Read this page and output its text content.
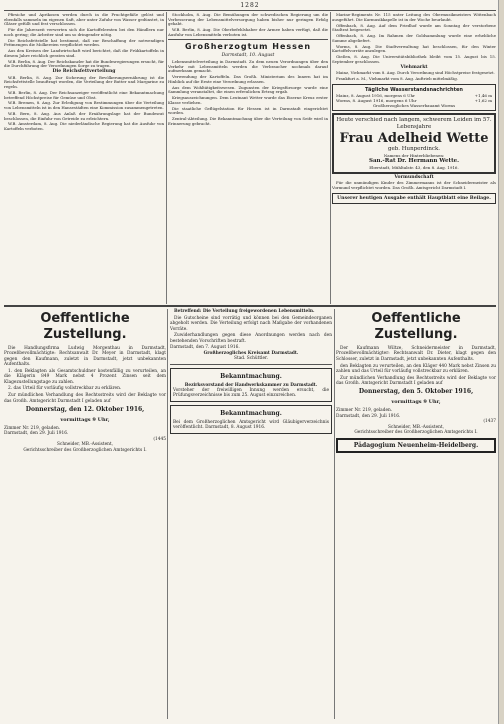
1282

Pfirsiche und Aprikosen werden durch in die Fruchtgefäße gelöst und ebenfalls sammeln im eigenen Saft, aber unter Zufuhr von Wasser gedünstet, in Gläser gefüllt und fest verschlossen.

Für die Jahreszeit verwerten sich die Kartoffelernten bei den Händlern nur noch gering; die Arbeiter sind um so dringender nötig.

Die Reichsfettstelle hat bestimmt, daß zur Beschaffung der notwendigen Fettmengen die Molkereien verpflichtet werden.

Aus den Kreisen der Landwirtschaft wird berichtet, daß die Frühkartoffeln in diesem Jahre reichlich geraten sind.

W.B. Berlin, 8. Aug. Der Reichskanzler hat die Bundesregierungen ersucht, für die Durchführung der Verordnungen Sorge zu tragen.

Die Reichsfettverteilung

W.B. Berlin, 8. Aug. Zur Sicherung der Bevölkerungsernährung ist die Reichsfettstelle beauftragt worden, die Verteilung der Butter und Margarine zu regeln.

W.B. Berlin, 8. Aug. Der Reichsanzeiger veröffentlicht eine Bekanntmachung betreffend Höchstpreise für Gemüse und Obst.

W.B. Bremen, 8. Aug. Zur Erledigung von Bestimmungen über die Verteilung von Lebensmitteln ist in den Hansestädten eine Kommission zusammengetreten.

W.B. Bern, 8. Aug. Aus Anlaß der Ernährungslage hat der Bundesrat beschlossen, die Einfuhr von Getreide zu erleichtern.

W.B. Amsterdam, 8. Aug. Die niederländische Regierung hat die Ausfuhr von Kartoffeln verboten.

Stockholm, 8. Aug. Die Bemühungen der schwedischen Regierung um die Verbesserung der Lebensmittelversorgung haben bisher nur geringen Erfolg gehabt.

W.B. Berlin, 8. Aug. Die Oberbefehlshaber der Armee haben verfügt, daß die Ausfuhr von Lebensmitteln verboten ist.

Großherzogtum Hessen
Darmstadt, 10. August

Lebensmittelverteilung in Darmstadt. Zu dem neuen Verordnungen über den Verkehr mit Lebensmitteln werden die Verbraucher nochmals darauf aufmerksam gemacht.

Verwendung der Kartoffeln. Das Großh. Ministerium des Innern hat im Hinblick auf die Ernte eine Verordnung erlassen.

Aus dem Wohltätigkeitswesen. Zugunsten der Kriegsfürsorge wurde eine Sammlung veranstaltet, die einen erfreulichen Ertrag ergab.

Kriegsauszeichnungen. Dem Leutnant Wetter wurde das Eiserne Kreuz erster Klasse verliehen.

Die staatliche Geflügelstation für Hessen ist in Darmstadt eingerichtet worden.

Zentral-Abteilung. Die Bekanntmachung über die Verteilung von Seife wird in Erinnerung gebracht.

Marine-Regiments Nr. 115 unter Leitung des Obermusikmeisters Wittenbach ausgeführt. Die Kurmusikkapelle ist in der Woche beurlaubt.

Offenbach, 8. Aug. Auf dem Friedhof wurde am Sonntag der verstorbene Stadtrat beigesetzt.

Offenbach, 8. Aug. Im Rahmen der Goldsammlung wurde eine erhebliche Summe abgeliefert.

Worms, 8. Aug. Die Stadtverwaltung hat beschlossen, für den Winter Kartoffelvorräte anzulegen.

Gießen, 8. Aug. Die Universitätsbibliothek bleibt vom 15. August bis 15. September geschlossen.

Viehmarkt

Mainz, Viehmarkt vom 8. Aug. Durch Verordnung sind Höchstpreise festgesetzt.

Frankfurt a. M., Viehmarkt vom 8. Aug. Auftrieb mittelmäßig.

Tägliche Wasserstandsnachrichten
Mainz, 8. August 1916, morgens 6 Uhr	+1,46 m
Worms, 8. August 1916, morgens 6 Uhr	+1,62 m
Großherzogliches Wasserbauamt Worms
Heute verschied nach langem, schwerem Leiden im 57. Lebensjahre
Frau Adelheid Wette
geb. Hunperdinck.
Namens der Hinterbliebenen:
San.-Rat Dr. Hermann Wette.
Eberstadt, Mühltalstr. 43, den 8. Aug. 1916.
Vormundschaft

Für die unmündigen Kinder des Zimmermanns ist der Schneidermeister als Vormund verpflichtet worden. Das Großh. Amtsgericht Darmstadt I.

Unserer heutigen Ausgabe enthält Hauptblatt eine Beilage.
Oeffentliche Zustellung.

Die Handlungsfirma Ludwig Morgenthau in Darmstadt, Prozeßbevollmächtigte: Rechtsanwalt Dr. Meyer in Darmstadt, klagt gegen den Kaufmann, zuletzt in Darmstadt, jetzt unbekannten Aufenthalts.

1. den Beklagten als Gesamtschuldner kostenfällig zu verurteilen, an die Klägerin 849 Mark nebst 4 Prozent Zinsen seit dem Klagezustellungstage zu zahlen.

2. das Urteil für vorläufig vollstreckbar zu erklären.

Zur mündlichen Verhandlung des Rechtsstreits wird der Beklagte vor das Großh. Amtsgericht Darmstadt I geladen auf

Donnerstag, den 12. Oktober 1916,
vormittags 9 Uhr,
Zimmer Nr. 219, geladen.
Darmstadt, den 29. Juli 1916.
(1445
Schneider, MB.-Assistent,
Gerichtsschreiber des Großherzoglichen Amtsgerichts I.

Betreffend: Die Verteilung freigewordenen Lebensmitteln.

Die Gutscheine sind vorrätig und können bei den Gemeindeorganen abgeholt werden. Die Verteilung erfolgt nach Maßgabe der vorhandenen Vorräte.

Zuwiderhandlungen gegen diese Anordnungen werden nach den bestehenden Vorschriften bestraft.

Darmstadt, den 7. August 1916.
Großherzogliches Kreisamt Darmstadt.
Stad. Schüttler.
Bekanntmachung.
Bezirksvorstand der Handwerkskammer zu Darmstadt.
Vorsteher der freiwilligen Innung werden ersucht, die Prüfungsverzeichnisse bis zum 25. August einzureichen.
Bekanntmachung.
Bei dem Großherzoglichen Amtsgericht wird Gläubigerverzeichnis veröffentlicht. Darmstadt, 8. August 1916.
Oeffentliche Zustellung.

Der Kaufmann Wiltze, Schneidermeister in Darmstadt, Prozeßbevollmächtigter: Rechtsanwalt Dr. Dieter, klagt gegen den Schlosser, zuletzt in Darmstadt, jetzt unbekannten Aufenthalts.

den Beklagten zu verurteilen, an den Kläger 440 Mark nebst Zinsen zu zahlen und das Urteil für vorläufig vollstreckbar zu erklären.

Zur mündlichen Verhandlung des Rechtsstreits wird der Beklagte vor das Großh. Amtsgericht Darmstadt I geladen auf

Donnerstag, den 5. Oktober 1916,
vormittags 9 Uhr,
Zimmer Nr. 219, geladen.
Darmstadt, den 29. Juli 1916.
(1437
Schneider, MB.-Assistent,
Gerichtsschreiber des Großherzoglichen Amtsgerichts I.
Pädagogium Neuenheim-Heidelberg.
